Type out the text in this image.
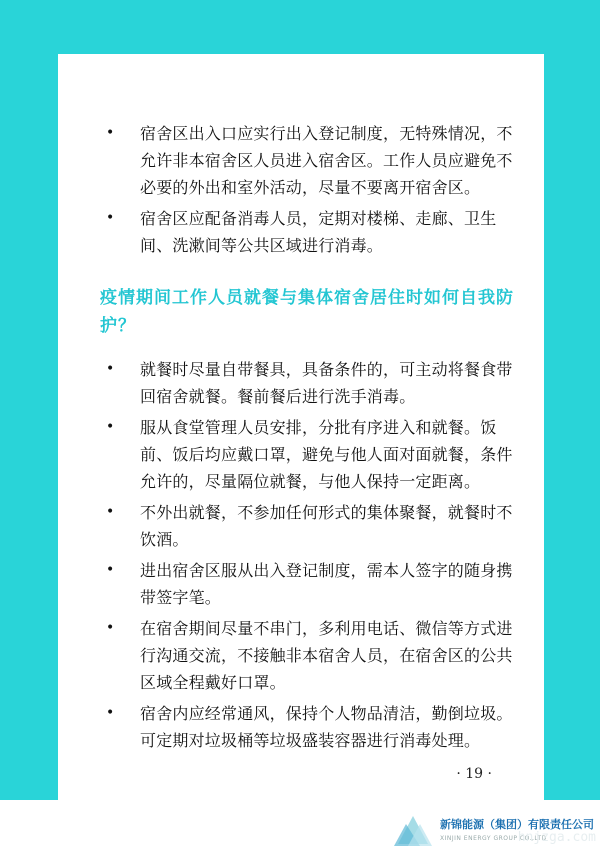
• 宿舍区出入口应实行出入登记制度，无特殊情况，不允许非本宿舍区人员进入宿舍区。工作人员应避免不必要的外出和室外活动，尽量不要离开宿舍区。
• 宿舍区应配备消毒人员，定期对楼梯、走廊、卫生间、洗漱间等公共区域进行消毒。
疫情期间工作人员就餐与集体宿舍居住时如何自我防护？
• 就餐时尽量自带餐具，具备条件的，可主动将餐食带回宿舍就餐。餐前餐后进行洗手消毒。
• 服从食堂管理人员安排，分批有序进入和就餐。饭前、饭后均应戴口罩，避免与他人面对面就餐，条件允许的，尽量隔位就餐，与他人保持一定距离。
• 不外出就餐，不参加任何形式的集体聚餐，就餐时不饮酒。
• 进出宿舍区服从出入登记制度，需本人签字的随身携带签字笔。
• 在宿舍期间尽量不串门，多利用电话、微信等方式进行沟通交流，不接触非本宿舍人员，在宿舍区的公共区域全程戴好口罩。
• 宿舍内应经常通风，保持个人物品清洁，勤倒垃圾。可定期对垃圾桶等垃圾盛装容器进行消毒处理。
· 19 ·
新锦能源（集团）有限责任公司
XINJIN ENERGY GROUP CO.,LTD
hnjzga.com
